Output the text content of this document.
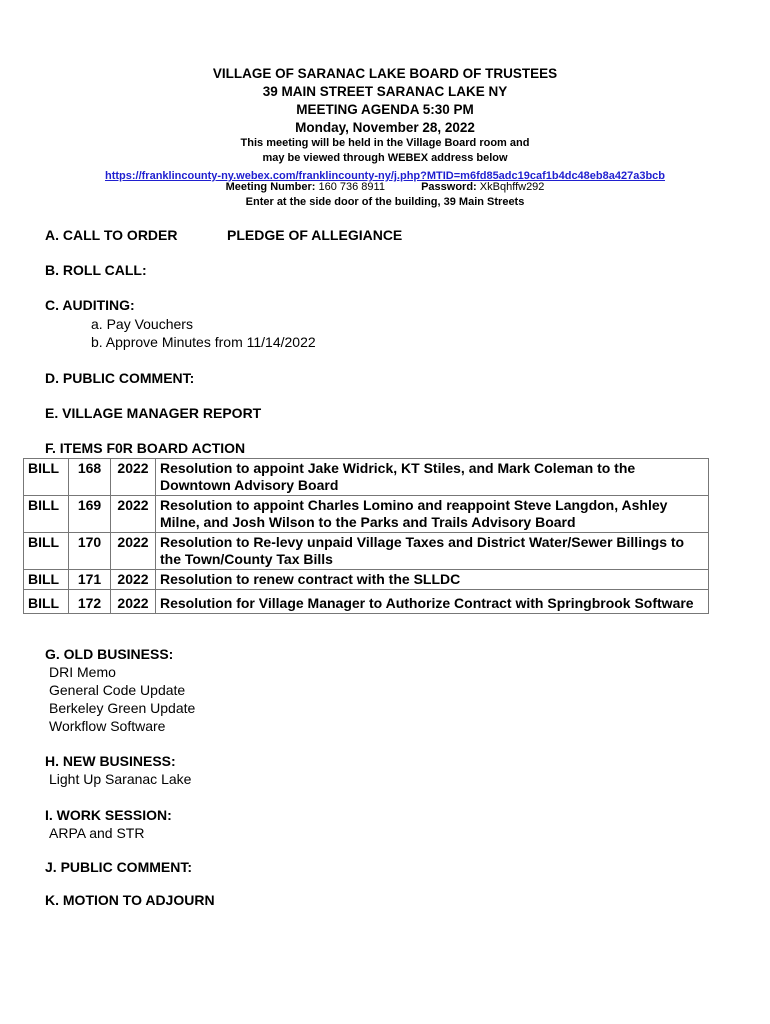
VILLAGE OF SARANAC LAKE BOARD OF TRUSTEES
39 MAIN STREET SARANAC LAKE NY
MEETING AGENDA 5:30 PM
Monday, November 28, 2022
This meeting will be held in the Village Board room and
may be viewed through WEBEX address below
https://franklincounty-ny.webex.com/franklincounty-ny/j.php?MTID=m6fd85adc19caf1b4dc48eb8a427a3bcb
Meeting Number: 160 736 8911	Password: XkBqhffw292
Enter at the side door of the building, 39 Main Streets
A. CALL TO ORDER	PLEDGE OF ALLEGIANCE
B. ROLL CALL:
C. AUDITING:
a. Pay Vouchers
b. Approve Minutes from 11/14/2022
D. PUBLIC COMMENT:
E. VILLAGE MANAGER REPORT
F. ITEMS F0R BOARD ACTION
BILL	168	2022	Resolution to appoint Jake Widrick, KT Stiles, and Mark Coleman to the Downtown Advisory Board
BILL	169	2022	Resolution to appoint Charles Lomino and reappoint Steve Langdon, Ashley Milne, and Josh Wilson to the Parks and Trails Advisory Board
BILL	170	2022	Resolution to Re-levy unpaid Village Taxes and District Water/Sewer Billings to the Town/County Tax Bills
BILL	171	2022	Resolution to renew contract with the SLLDC
BILL	172	2022	Resolution for Village Manager to Authorize Contract with Springbrook Software
G. OLD BUSINESS:
DRI Memo
General Code Update
Berkeley Green Update
Workflow Software
H. NEW BUSINESS:
Light Up Saranac Lake
I. WORK SESSION:
ARPA and STR
J. PUBLIC COMMENT:
K. MOTION TO ADJOURN
